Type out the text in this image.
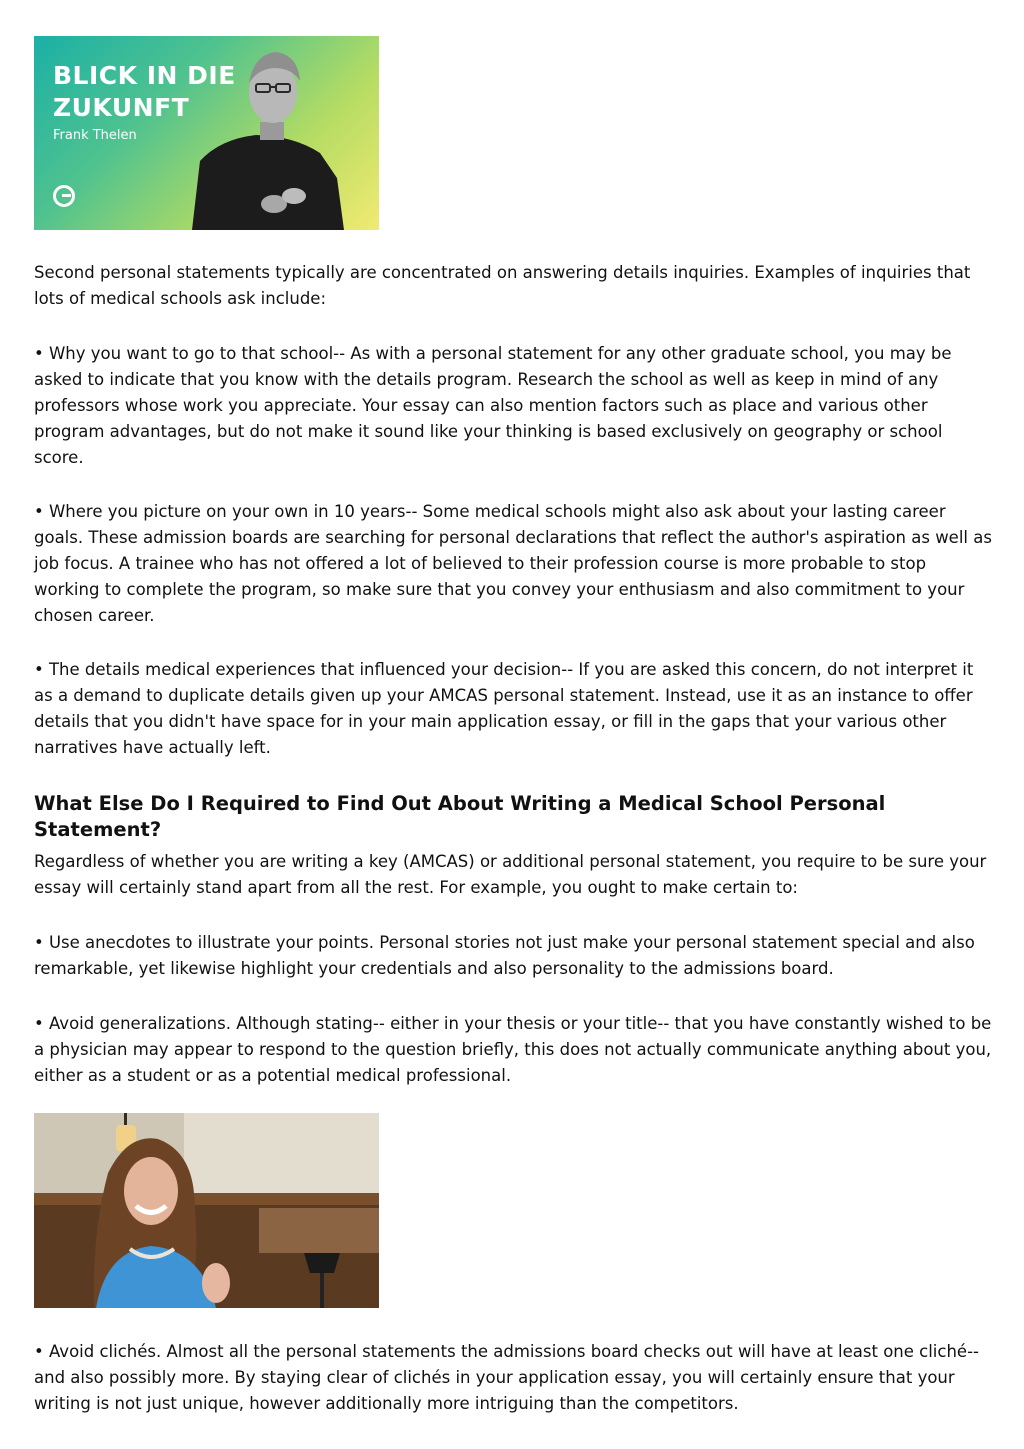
BLICK IN DIE
ZUKUNFT
Frank Thelen

Second personal statements typically are concentrated on answering details inquiries. Examples of inquiries that lots of medical schools ask include:

• Why you want to go to that school-- As with a personal statement for any other graduate school, you may be asked to indicate that you know with the details program. Research the school as well as keep in mind of any professors whose work you appreciate. Your essay can also mention factors such as place and various other program advantages, but do not make it sound like your thinking is based exclusively on geography or school score.

• Where you picture on your own in 10 years-- Some medical schools might also ask about your lasting career goals. These admission boards are searching for personal declarations that reflect the author's aspiration as well as job focus. A trainee who has not offered a lot of believed to their profession course is more probable to stop working to complete the program, so make sure that you convey your enthusiasm and also commitment to your chosen career.

• The details medical experiences that influenced your decision-- If you are asked this concern, do not interpret it as a demand to duplicate details given up your AMCAS personal statement. Instead, use it as an instance to offer details that you didn't have space for in your main application essay, or fill in the gaps that your various other narratives have actually left.

What Else Do I Required to Find Out About Writing a Medical School Personal Statement?

Regardless of whether you are writing a key (AMCAS) or additional personal statement, you require to be sure your essay will certainly stand apart from all the rest. For example, you ought to make certain to:

• Use anecdotes to illustrate your points. Personal stories not just make your personal statement special and also remarkable, yet likewise highlight your credentials and also personality to the admissions board.

• Avoid generalizations. Although stating-- either in your thesis or your title-- that you have constantly wished to be a physician may appear to respond to the question briefly, this does not actually communicate anything about you, either as a student or as a potential medical professional.

• Avoid clichés. Almost all the personal statements the admissions board checks out will have at least one cliché-- and also possibly more. By staying clear of clichés in your application essay, you will certainly ensure that your writing is not just unique, however additionally more intriguing than the competitors.
